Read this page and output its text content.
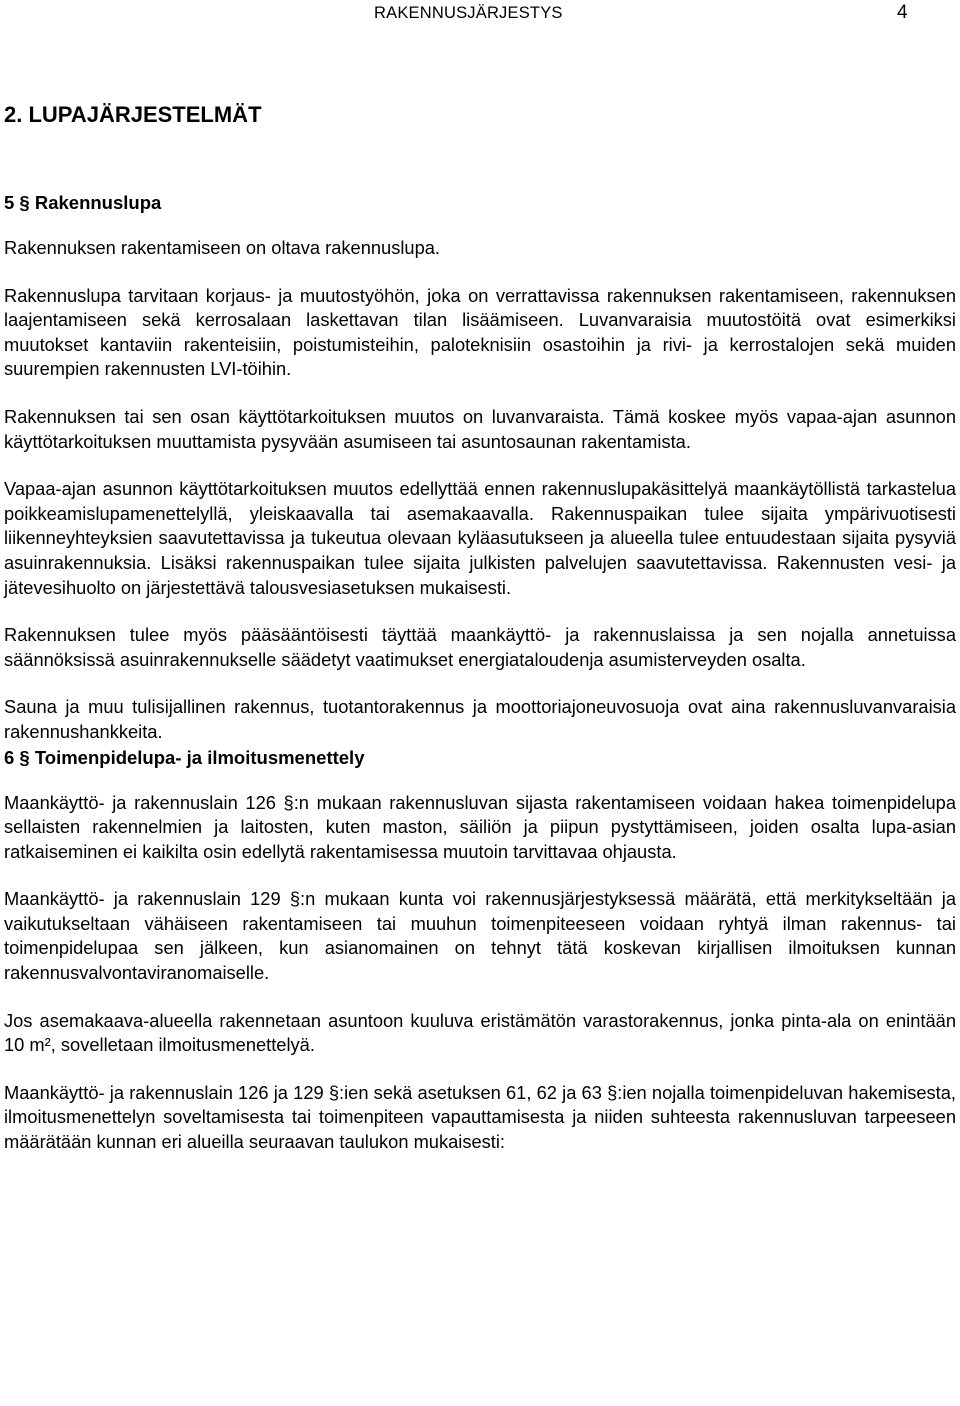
RAKENNUSJÄRJESTYS	4
2. LUPAJÄRJESTELMÄT
5 § Rakennuslupa

Rakennuksen rakentamiseen on oltava rakennuslupa.

Rakennuslupa tarvitaan korjaus- ja muutostyöhön, joka on verrattavissa rakennuksen rakentamiseen, rakennuksen laajentamiseen sekä kerrosalaan laskettavan tilan lisäämiseen. Luvanvaraisia muutostöitä ovat esimerkiksi muutokset kantaviin rakenteisiin, poistumisteihin, paloteknisiin osastoihin ja rivi- ja kerrostalojen sekä muiden suurempien rakennusten LVI-töihin.

Rakennuksen tai sen osan käyttötarkoituksen muutos on luvanvaraista. Tämä koskee myös vapaa-ajan asunnon käyttötarkoituksen muuttamista pysyvään asumiseen tai asuntosaunan rakentamista.

Vapaa-ajan asunnon käyttötarkoituksen muutos edellyttää ennen rakennuslupakäsittelyä maankäytöllistä tarkastelua poikkeamislupamenettelyllä, yleiskaavalla tai asemakaavalla. Rakennuspaikan tulee sijaita ympärivuotisesti liikenneyhteyksien saavutettavissa ja tukeutua olevaan kyläasutukseen ja alueella tulee entuudestaan sijaita pysyviä asuinrakennuksia. Lisäksi rakennuspaikan tulee sijaita julkisten palvelujen saavutettavissa. Rakennusten vesi- ja jätevesihuolto on järjestettävä talousvesiasetuksen mukaisesti.

Rakennuksen tulee myös pääsääntöisesti täyttää maankäyttö- ja rakennuslaissa ja sen nojalla annetuissa säännöksissä asuinrakennukselle säädetyt vaatimukset energiataloudenja asumisterveyden osalta.

Sauna ja muu tulisijallinen rakennus, tuotantorakennus ja moottoriajoneuvosuoja ovat aina rakennusluvanvaraisia rakennushankkeita.

6 § Toimenpidelupa- ja ilmoitusmenettely

Maankäyttö- ja rakennuslain 126 §:n mukaan rakennusluvan sijasta rakentamiseen voidaan hakea toimenpidelupa sellaisten rakennelmien ja laitosten, kuten maston, säiliön ja piipun pystyttämiseen, joiden osalta lupa-asian ratkaiseminen ei kaikilta osin edellytä rakentamisessa muutoin tarvittavaa ohjausta.

Maankäyttö- ja rakennuslain 129 §:n mukaan kunta voi rakennusjärjestyksessä määrätä, että merkitykseltään ja vaikutukseltaan vähäiseen rakentamiseen tai muuhun toimenpiteeseen voidaan ryhtyä ilman rakennus- tai toimenpidelupaa sen jälkeen, kun asianomainen on tehnyt tätä koskevan kirjallisen ilmoituksen kunnan rakennusvalvontaviranomaiselle.

Jos asemakaava-alueella rakennetaan asuntoon kuuluva eristämätön varastorakennus, jonka pinta-ala on enintään 10 m², sovelletaan ilmoitusmenettelyä.

Maankäyttö- ja rakennuslain 126 ja 129 §:ien sekä asetuksen 61, 62 ja 63 §:ien nojalla toimenpideluvan hakemisesta, ilmoitusmenettelyn soveltamisesta tai toimenpiteen vapauttamisesta ja niiden suhteesta rakennusluvan tarpeeseen määrätään kunnan eri alueilla seuraavan taulukon mukaisesti:
